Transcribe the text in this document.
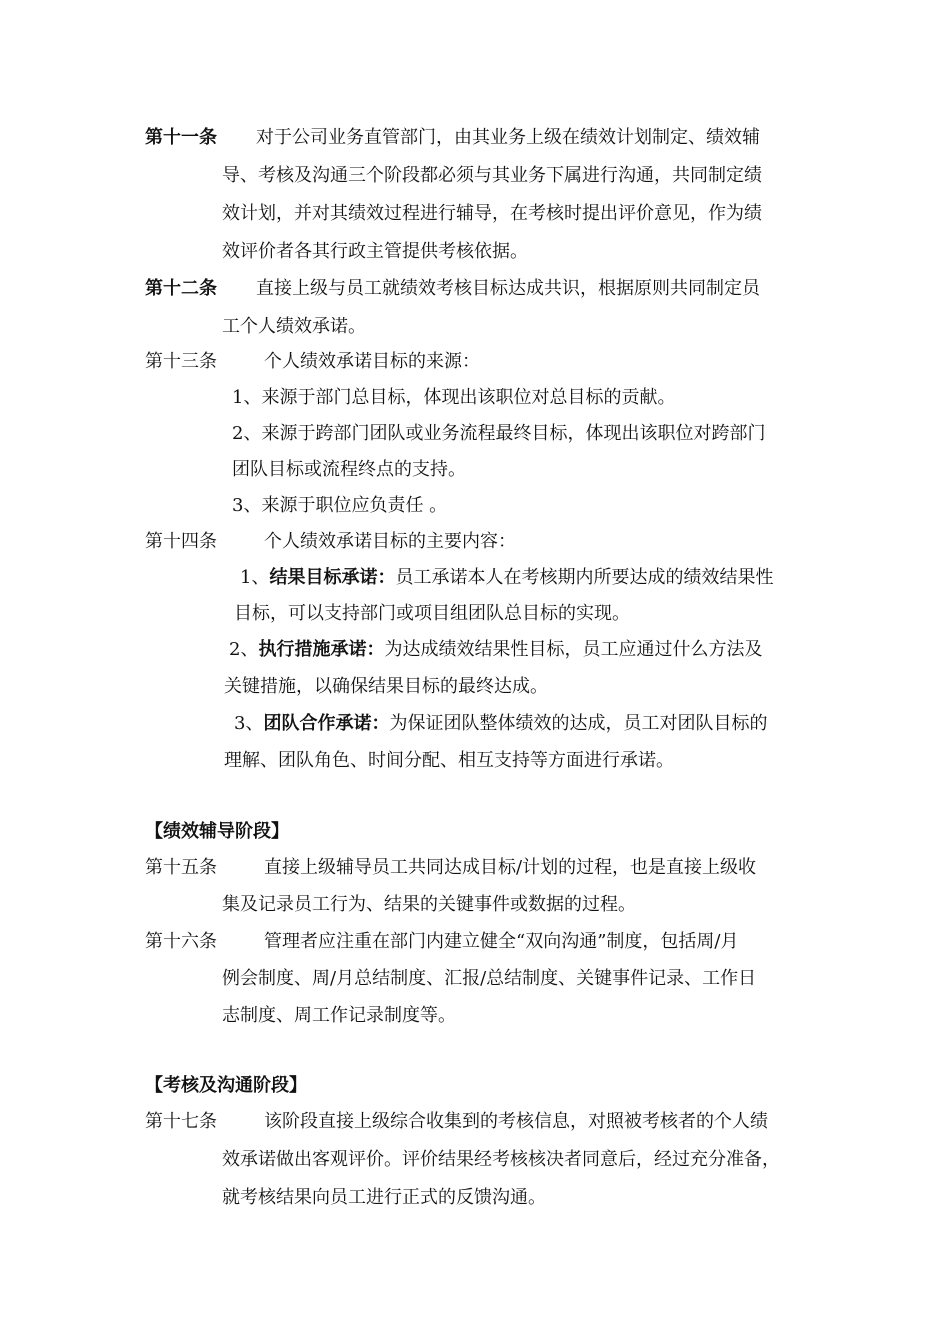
第十一条 对于公司业务直管部门，由其业务上级在绩效计划制定、绩效辅
导、考核及沟通三个阶段都必须与其业务下属进行沟通，共同制定绩
效计划，并对其绩效过程进行辅导，在考核时提出评价意见，作为绩
效评价者各其行政主管提供考核依据。
第十二条 直接上级与员工就绩效考核目标达成共识，根据原则共同制定员
工个人绩效承诺。
第十三条	个人绩效承诺目标的来源：
1、来源于部门总目标，体现出该职位对总目标的贡献。
2、来源于跨部门团队或业务流程最终目标，体现出该职位对跨部门
团队目标或流程终点的支持。
3、来源于职位应负责任 。
第十四条	个人绩效承诺目标的主要内容：
1、结果目标承诺：员工承诺本人在考核期内所要达成的绩效结果性
目标，可以支持部门或项目组团队总目标的实现。
2、执行措施承诺：为达成绩效结果性目标，员工应通过什么方法及
关键措施，以确保结果目标的最终达成。
3、团队合作承诺：为保证团队整体绩效的达成，员工对团队目标的
理解、团队角色、时间分配、相互支持等方面进行承诺。
【绩效辅导阶段】
第十五条	直接上级辅导员工共同达成目标/计划的过程，也是直接上级收
集及记录员工行为、结果的关键事件或数据的过程。
第十六条	管理者应注重在部门内建立健全“双向沟通”制度，包括周/月
例会制度、周/月总结制度、汇报/总结制度、关键事件记录、工作日
志制度、周工作记录制度等。
【考核及沟通阶段】
第十七条	该阶段直接上级综合收集到的考核信息，对照被考核者的个人绩
效承诺做出客观评价。评价结果经考核核决者同意后，经过充分准备，
就考核结果向员工进行正式的反馈沟通。
